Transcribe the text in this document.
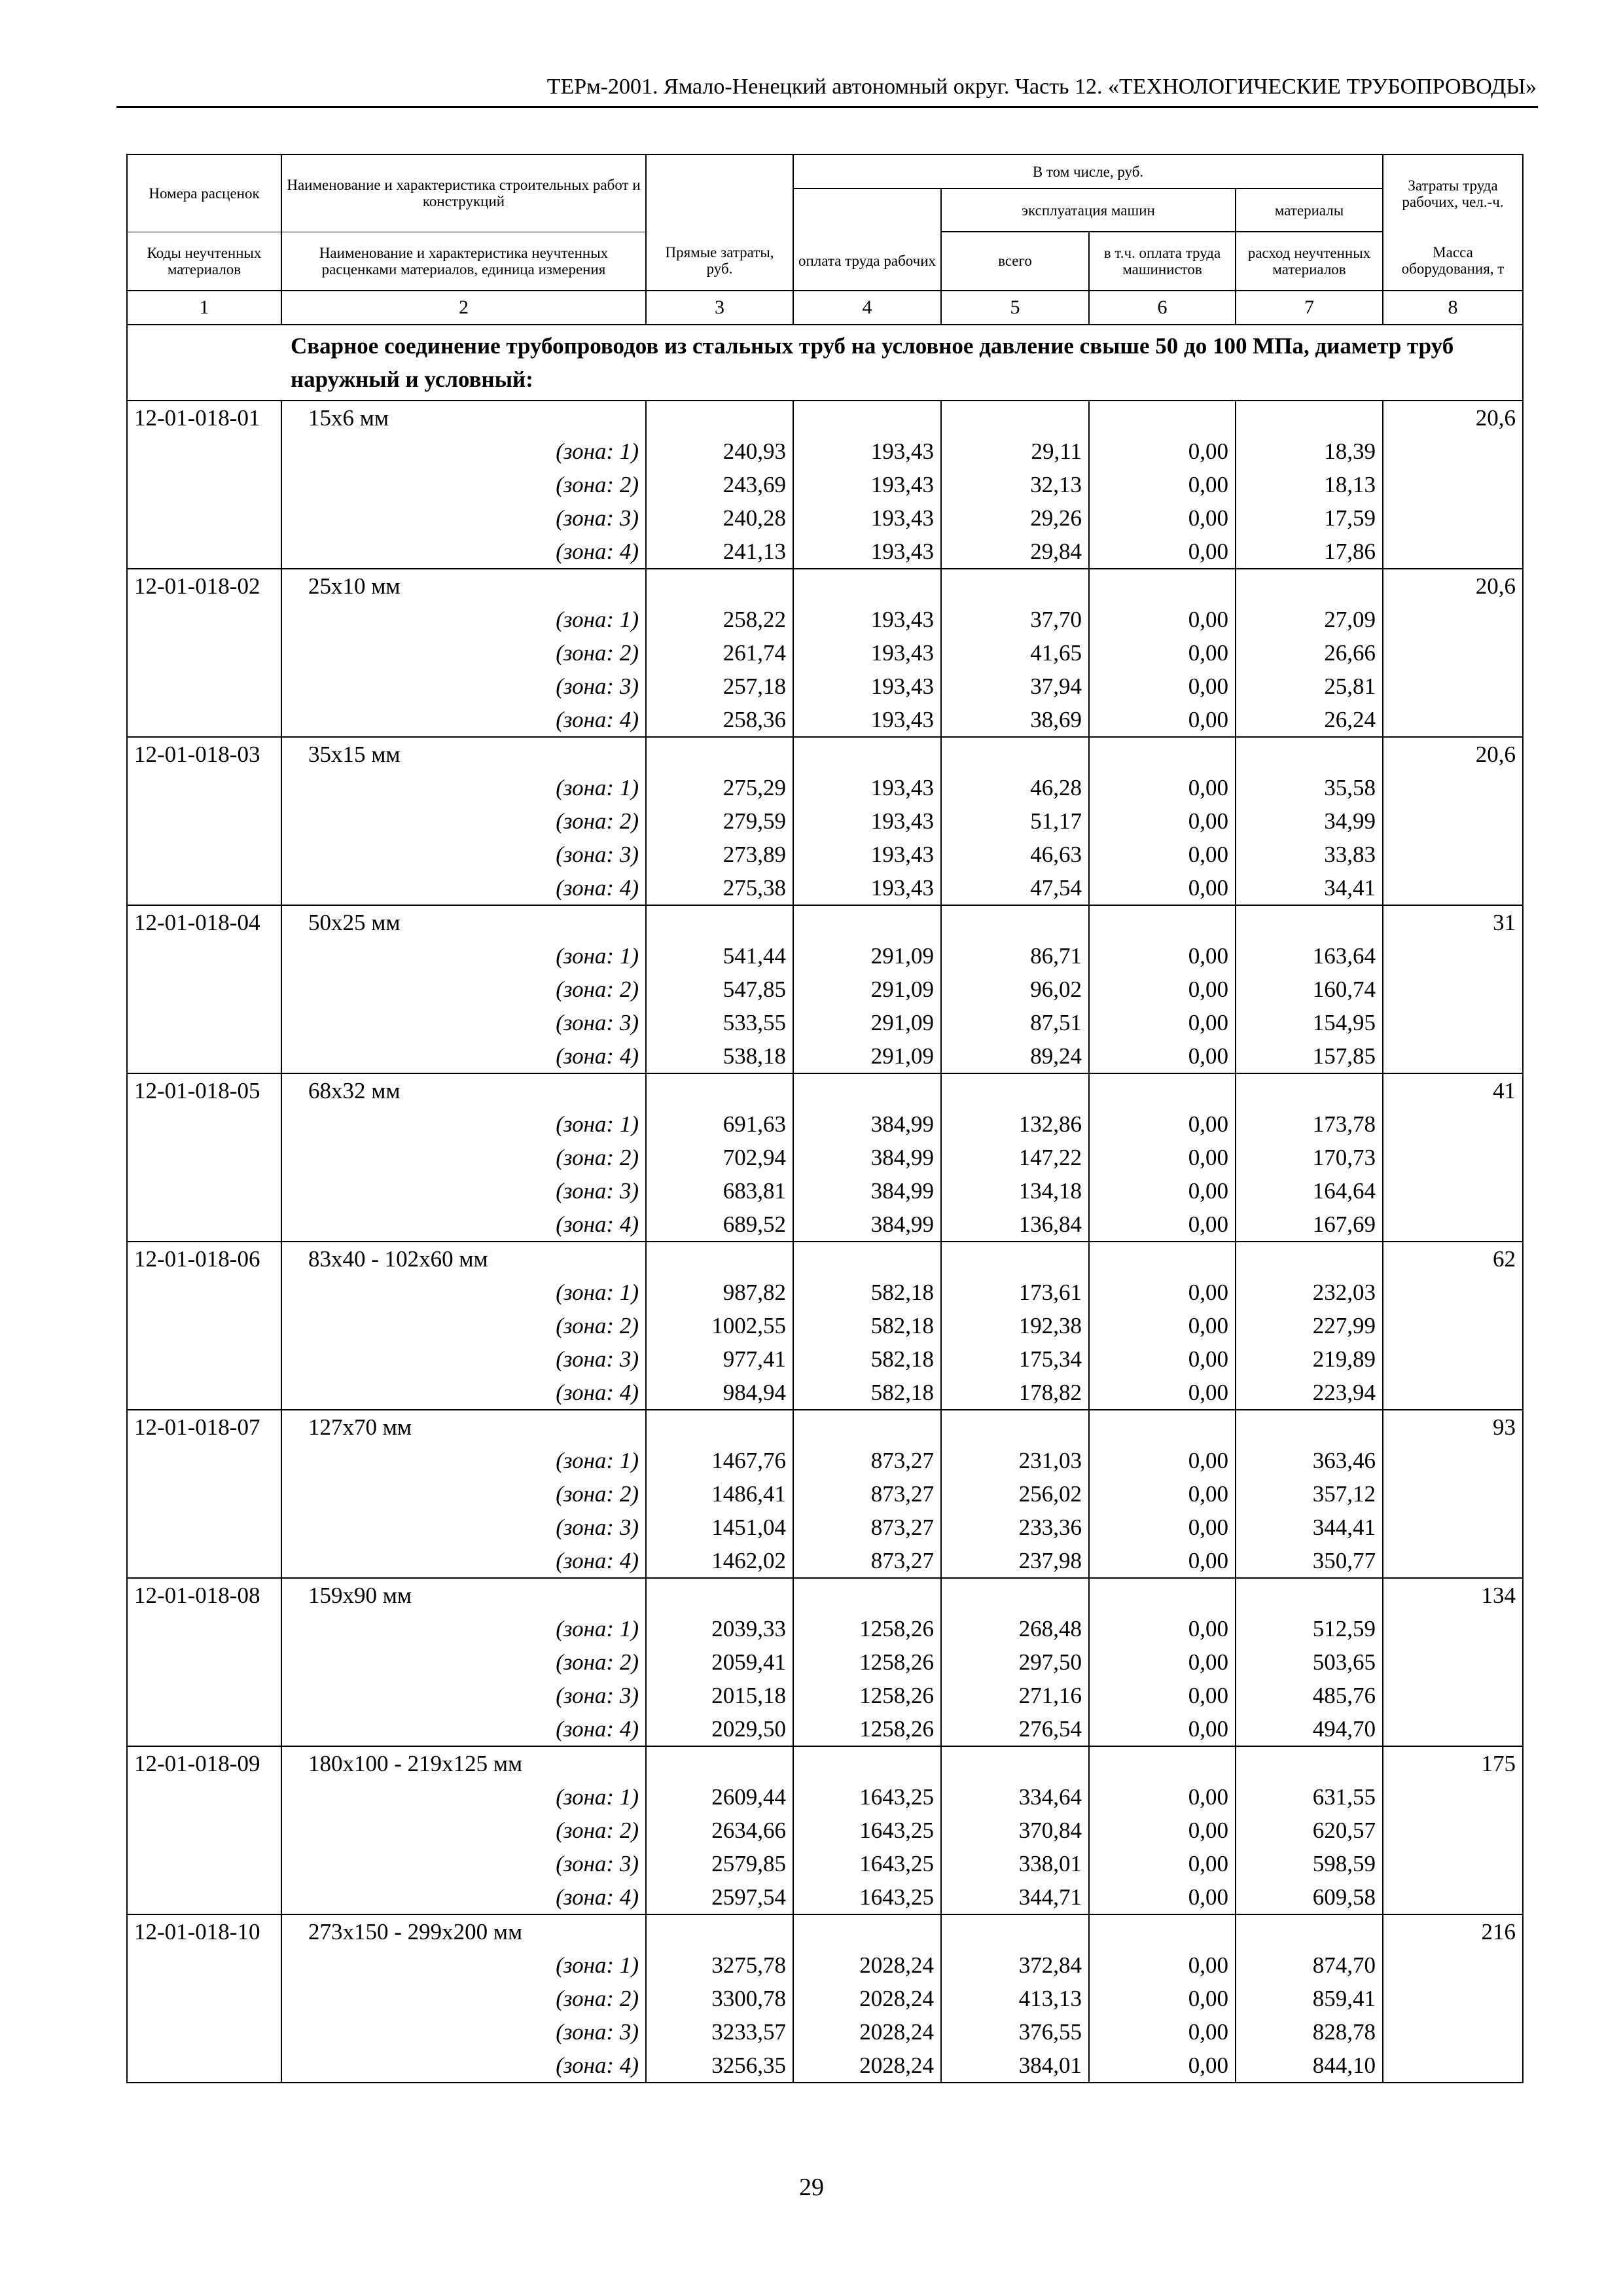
ТЕРм-2001. Ямало-Ненецкий автономный округ. Часть 12. «ТЕХНОЛОГИЧЕСКИЕ ТРУБОПРОВОДЫ»
Номера расценок	Наименование и характеристика строительных работ и конструкций		В том числе, руб.				Затраты труда рабочих, чел.-ч.
				эксплуатация машин		материалы	

Коды неучтенных материалов	Наименование и характеристика неучтенных расценками материалов, единица измерения	Прямые затраты, руб.	оплата труда рабочих	всего	в т.ч. оплата труда машинистов	расход неучтенных материалов	Масса оборудования, т
1	2	3	4	5	6	7	8
	Сварное соединение трубопроводов из стальных труб на условное давление свыше 50 до 100 МПа, диаметр труб наружный и условный:						
12-01-018-01	15х6 мм						20,6
	(зона: 1)	240,93	193,43	29,11	0,00	18,39	
	(зона: 2)	243,69	193,43	32,13	0,00	18,13	
	(зона: 3)	240,28	193,43	29,26	0,00	17,59	
	(зона: 4)	241,13	193,43	29,84	0,00	17,86	
12-01-018-02	25х10 мм						20,6
	(зона: 1)	258,22	193,43	37,70	0,00	27,09	
	(зона: 2)	261,74	193,43	41,65	0,00	26,66	
	(зона: 3)	257,18	193,43	37,94	0,00	25,81	
	(зона: 4)	258,36	193,43	38,69	0,00	26,24	
12-01-018-03	35х15 мм						20,6
	(зона: 1)	275,29	193,43	46,28	0,00	35,58	
	(зона: 2)	279,59	193,43	51,17	0,00	34,99	
	(зона: 3)	273,89	193,43	46,63	0,00	33,83	
	(зона: 4)	275,38	193,43	47,54	0,00	34,41	
12-01-018-04	50х25 мм						31
	(зона: 1)	541,44	291,09	86,71	0,00	163,64	
	(зона: 2)	547,85	291,09	96,02	0,00	160,74	
	(зона: 3)	533,55	291,09	87,51	0,00	154,95	
	(зона: 4)	538,18	291,09	89,24	0,00	157,85	
12-01-018-05	68х32 мм						41
	(зона: 1)	691,63	384,99	132,86	0,00	173,78	
	(зона: 2)	702,94	384,99	147,22	0,00	170,73	
	(зона: 3)	683,81	384,99	134,18	0,00	164,64	
	(зона: 4)	689,52	384,99	136,84	0,00	167,69	
12-01-018-06	83х40 - 102х60 мм						62
	(зона: 1)	987,82	582,18	173,61	0,00	232,03	
	(зона: 2)	1002,55	582,18	192,38	0,00	227,99	
	(зона: 3)	977,41	582,18	175,34	0,00	219,89	
	(зона: 4)	984,94	582,18	178,82	0,00	223,94	
12-01-018-07	127х70 мм						93
	(зона: 1)	1467,76	873,27	231,03	0,00	363,46	
	(зона: 2)	1486,41	873,27	256,02	0,00	357,12	
	(зона: 3)	1451,04	873,27	233,36	0,00	344,41	
	(зона: 4)	1462,02	873,27	237,98	0,00	350,77	
12-01-018-08	159х90 мм						134
	(зона: 1)	2039,33	1258,26	268,48	0,00	512,59	
	(зона: 2)	2059,41	1258,26	297,50	0,00	503,65	
	(зона: 3)	2015,18	1258,26	271,16	0,00	485,76	
	(зона: 4)	2029,50	1258,26	276,54	0,00	494,70	
12-01-018-09	180х100 - 219х125 мм						175
	(зона: 1)	2609,44	1643,25	334,64	0,00	631,55	
	(зона: 2)	2634,66	1643,25	370,84	0,00	620,57	
	(зона: 3)	2579,85	1643,25	338,01	0,00	598,59	
	(зона: 4)	2597,54	1643,25	344,71	0,00	609,58	
12-01-018-10	273х150 - 299х200 мм						216
	(зона: 1)	3275,78	2028,24	372,84	0,00	874,70	
	(зона: 2)	3300,78	2028,24	413,13	0,00	859,41	
	(зона: 3)	3233,57	2028,24	376,55	0,00	828,78	
	(зона: 4)	3256,35	2028,24	384,01	0,00	844,10	
29
